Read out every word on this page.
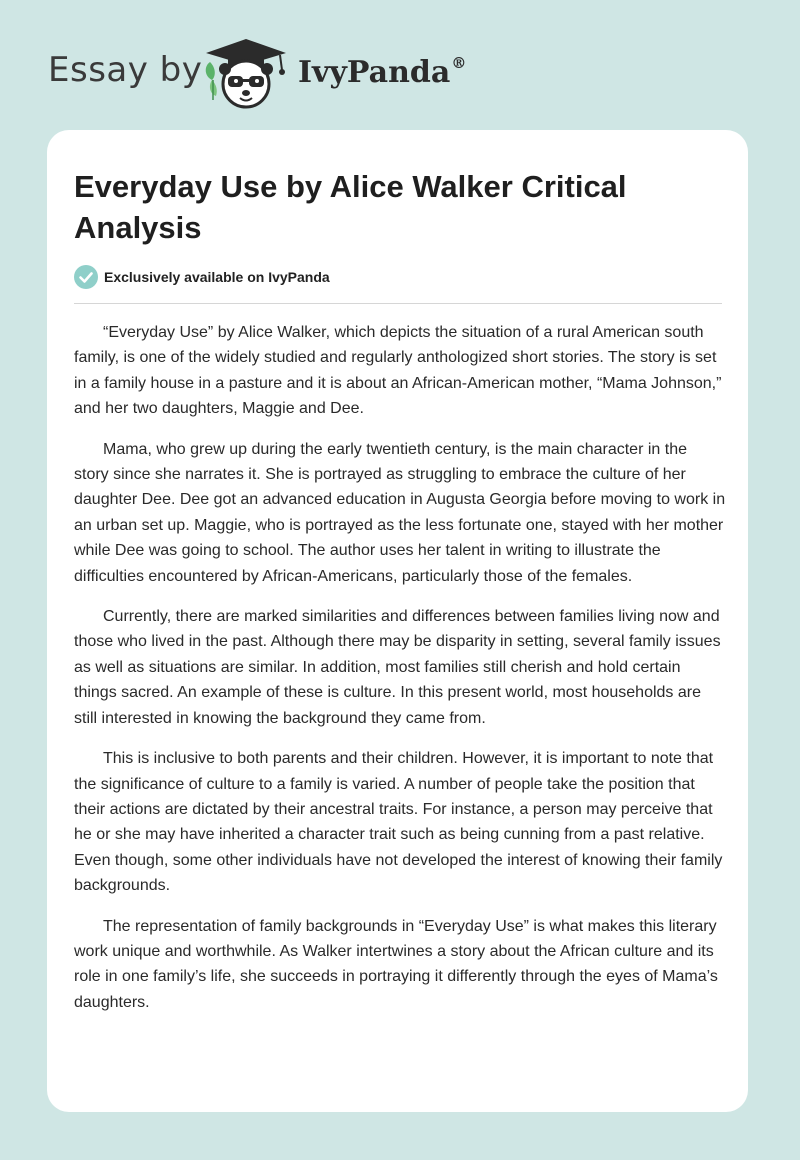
Essay by	IvyPanda®
Everyday Use by Alice Walker Critical Analysis
Exclusively available on IvyPanda

“Everyday Use” by Alice Walker, which depicts the situation of a rural American south family, is one of the widely studied and regularly anthologized short stories. The story is set in a family house in a pasture and it is about an African-American mother, “Mama Johnson,” and her two daughters, Maggie and Dee.

Mama, who grew up during the early twentieth century, is the main character in the story since she narrates it. She is portrayed as struggling to embrace the culture of her daughter Dee. Dee got an advanced education in Augusta Georgia before moving to work in an urban set up. Maggie, who is portrayed as the less fortunate one, stayed with her mother while Dee was going to school. The author uses her talent in writing to illustrate the difficulties encountered by African-Americans, particularly those of the females.

Currently, there are marked similarities and differences between families living now and those who lived in the past. Although there may be disparity in setting, several family issues as well as situations are similar. In addition, most families still cherish and hold certain things sacred. An example of these is culture. In this present world, most households are still interested in knowing the background they came from.

This is inclusive to both parents and their children. However, it is important to note that the significance of culture to a family is varied. A number of people take the position that their actions are dictated by their ancestral traits. For instance, a person may perceive that he or she may have inherited a character trait such as being cunning from a past relative. Even though, some other individuals have not developed the interest of knowing their family backgrounds.

The representation of family backgrounds in “Everyday Use” is what makes this literary work unique and worthwhile. As Walker intertwines a story about the African culture and its role in one family’s life, she succeeds in portraying it differently through the eyes of Mama’s daughters.
